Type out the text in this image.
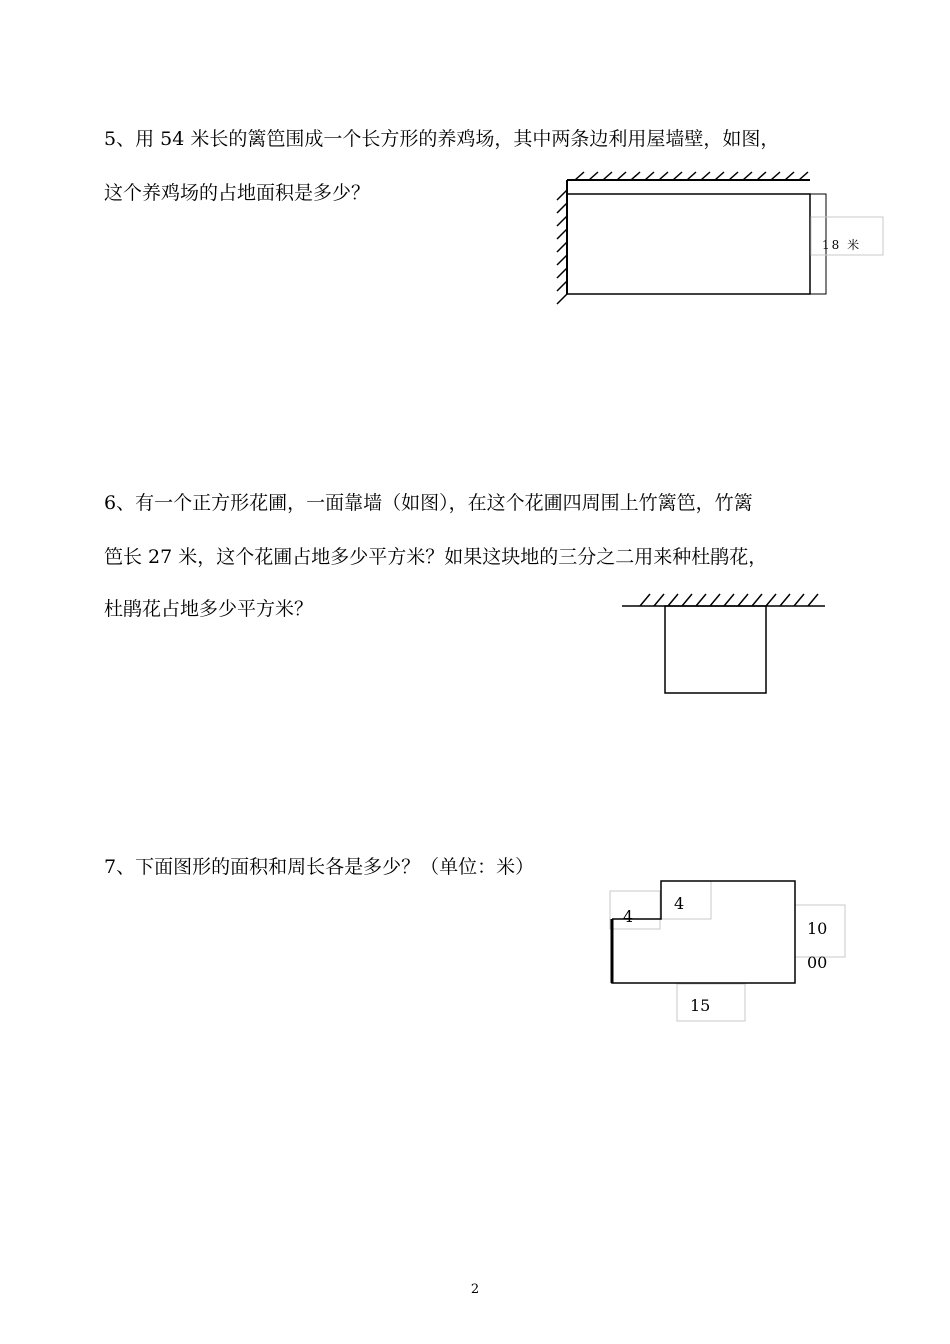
5、用 54 米长的篱笆围成一个长方形的养鸡场，其中两条边利用屋墙壁，如图，
这个养鸡场的占地面积是多少？
18 米
6、有一个正方形花圃，一面靠墙（如图），在这个花圃四周围上竹篱笆，竹篱
笆长 27 米，这个花圃占地多少平方米？如果这块地的三分之二用来种杜鹃花，
杜鹃花占地多少平方米？
7、下面图形的面积和周长各是多少？（单位：米）
4
4
10
00
15
2
